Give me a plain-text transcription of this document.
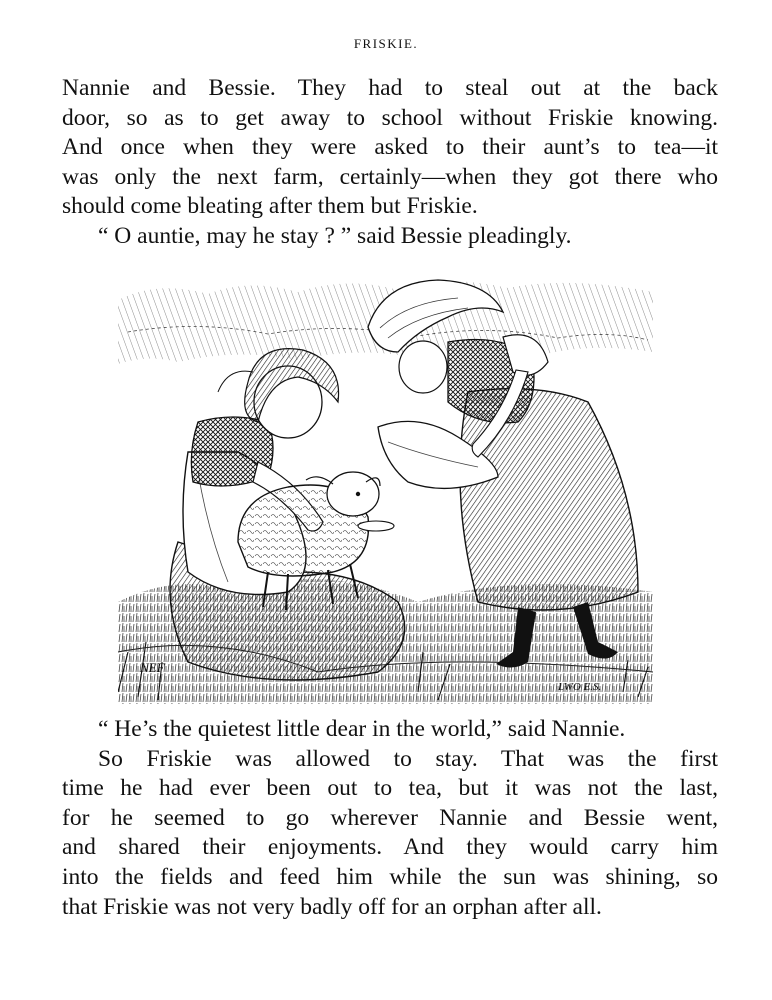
FRISKIE.

Nannie and Bessie. They had to steal out at the back

door, so as to get away to school without Friskie knowing.

And once when they were asked to their aunt’s to tea—it

was only the next farm, certainly—when they got there who

should come bleating after them but Friskie.

“ O auntie, may he stay ? ” said Bessie pleadingly.

NEF
LWO E.S.

“ He’s the quietest little dear in the world,” said Nannie.

So Friskie was allowed to stay. That was the first

time he had ever been out to tea, but it was not the last,

for he seemed to go wherever Nannie and Bessie went,

and shared their enjoyments. And they would carry him

into the fields and feed him while the sun was shining, so

that Friskie was not very badly off for an orphan after all.
